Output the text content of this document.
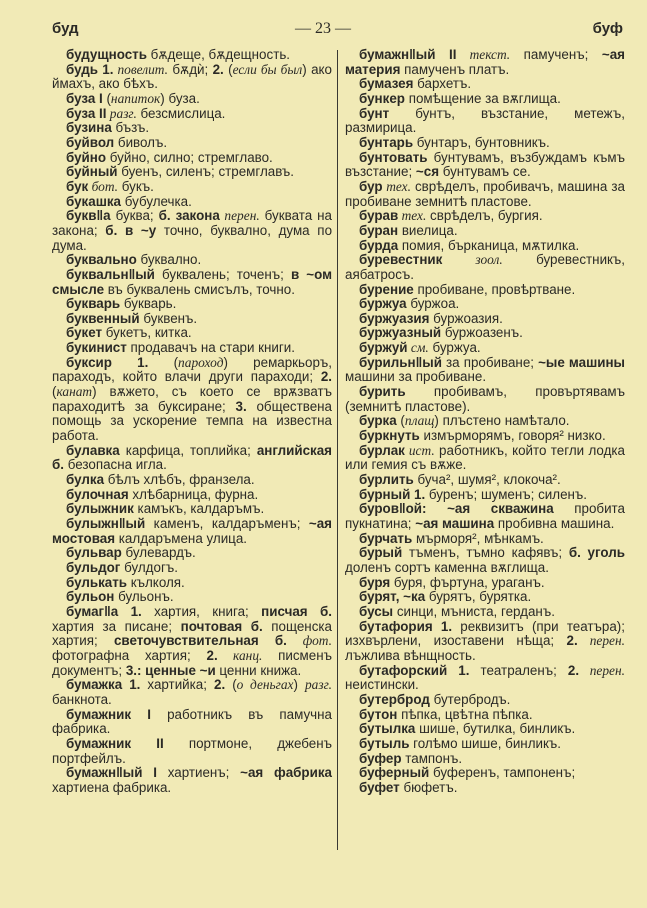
буд	— 23 —	буф

будущность бѫдеще, бѫдещность.

будь 1. повелит. бѫдѝ; 2. (если бы был) ако ймахъ, ако бѣхъ.

буза I (напиток) буза.

буза II разг. безсмислица.

бузина бъзъ.

буйвол биволъ.

буйно буйно, силно; стремглаво.

буйный буенъ, силенъ; стремглавъ.

бук бот. букъ.

букашка бубулечка.

букв‖а буква; б. закона перен. буквата на закона; б. в ~у точно, буквално, дума по дума.

буквально буквално.

буквальн‖ый буквалень; точенъ; в ~ом смысле въ буквалень смисълъ, точно.

букварь букварь.

буквенный буквенъ.

букет букетъ, китка.

букинист продавачъ на стари книги.

буксир 1. (пароход) ремаркьоръ, параходъ, който влачи други параходи; 2. (канат) вѫжето, съ което се врѫзватъ параходитѣ за буксиране; 3. обществена помощь за ускорение темпа на известна работа.

булавка карфица, топлийка; английская б. безопасна игла.

булка бѣлъ хлѣбъ, франзела.

булочная хлѣбарница, фурна.

булыжник камъкъ, калдаръмъ.

булыжн‖ый каменъ, калдаръменъ; ~ая мостовая калдаръмена улица.

бульвар булевардъ.

бульдог булдогъ.

булькать кълколя.

бульон бульонъ.

бумаг‖а 1. хартия, книга; писчая б. хартия за писане; почтовая б. пощенска хартия; светочувствительная б. фот. фотографна хартия; 2. канц. писменъ документъ; 3.: ценные ~и ценни книжа.

бумажка 1. хартийка; 2. (о деньгах) разг. банкнота.

бумажник I работникъ въ памучна фабрика.

бумажник II портмоне, джебенъ портфейлъ.

бумажн‖ый I хартиенъ; ~ая фабрика хартиена фабрика.

бумажн‖ый II текст. памученъ; ~ая материя памученъ платъ.

бумазея бархетъ.

бункер помѣщение за вѫглища.

бунт бунтъ, възстание, метежъ, размирица.

бунтарь бунтаръ, бунтовникъ.

бунтовать бунтувамъ, възбуждамъ къмъ възстание; ~ся бунтувамъ се.

бур тех. сврѣделъ, пробивачъ, машина за пробиване земнитѣ пластове.

бурав тех. сврѣделъ, бургия.

буран виелица.

бурда помия, бърканица, мѫтилка.

буревестник зоол. буревестникъ, аябатросъ.

бурение пробиване, провѣртване.

буржуа буржоа.

буржуазия буржоазия.

буржуазный буржоазенъ.

буржуй см. буржуа.

бурильн‖ый за пробиване; ~ые машины машини за пробиване.

бурить пробивамъ, провъртявамъ (земнитѣ пластове).

бурка (плащ) плъстено намѣтало.

буркнуть измърморямъ, говоря² низко.

бурлак ист. работникъ, който тегли лодка или гемия съ вѫже.

бурлить бучa², шумя², клокоча².

бурный 1. буренъ; шуменъ; силенъ.

буров‖ой: ~ая скважина пробита пукнатина; ~ая машина пробивна машина.

бурчать мърморя², мѣнкамъ.

бурый тъменъ, тъмно кафявъ; б. уголь доленъ сортъ каменна вѫглища.

буря буря, фъртуна, ураганъ.

бурят, ~ка бурятъ, бурятка.

бусы синци, мъниста, герданъ.

бутафория 1. реквизитъ (при театъра); изхвърлени, изоставени нѣща; 2. перен. лъжлива вѣнщность.

бутафорский 1. театраленъ; 2. перен. неистински.

бутерброд бутербродъ.

бутон пѣпка, цвѣтна пѣпка.

бутылка шише, бутилка, бинликъ.

бутыль голѣмо шише, бинликъ.

буфер тампонъ.

буферный буференъ, тампоненъ;

буфет бюфетъ.
